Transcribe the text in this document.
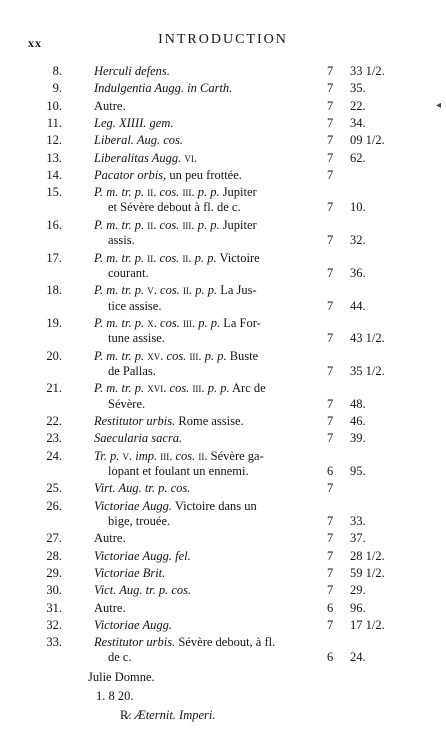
xx	INTRODUCTION
8.	Herculi defens.	7 33 1/2.
9.	Indulgentia Augg. in Carth.	7 35.
10.	Autre.	7 22.
11.	Leg. XIIII. gem.	7 34.
12.	Liberal. Aug. cos.	7 09 1/2.
13.	Liberalitas Augg. vi.	7 62.
14.	Pacator orbis, un peu frottée.	7
15.	P. m. tr. p. ii. cos. iii. p. p. Jupiter
et Sévère debout à fl. de c.	7 10.
16.	P. m. tr. p. ii. cos. iii. p. p. Jupiter
assis.	7 32.
17.	P. m. tr. p. ii. cos. ii. p. p. Victoire
courant.	7 36.
18.	P. m. tr. p. v. cos. ii. p. p. La Jus-
tice assise.	7 44.
19.	P. m. tr. p. x. cos. iii. p. p. La For-
tune assise.	7 43 1/2.
20.	P. m. tr. p. xv. cos. iii. p. p. Buste
de Pallas.	7 35 1/2.
21.	P. m. tr. p. xvi. cos. iii. p. p. Arc de
Sévère.	7 48.
22.	Restitutor urbis. Rome assise.	7 46.
23.	Saecularia sacra.	7 39.
24.	Tr. p. v. imp. iii. cos. ii. Sévère ga-
lopant et foulant un ennemi.	6 95.
25.	Virt. Aug. tr. p. cos.	7
26.	Victoriae Augg. Victoire dans un
bige, trouée.	7 33.
27.	Autre.	7 37.
28.	Victoriae Augg. fel.	7 28 1/2.
29.	Victoriae Brit.	7 59 1/2.
30.	Vict. Aug. tr. p. cos.	7 29.
31.	Autre.	6 96.
32.	Victoriae Augg.	7 17 1/2.
33.	Restitutor urbis. Sévère debout, à fl.
de c.	6 24.
Julie Domne.
1. 8 20.
R̷. Æternit. Imperi.
◂
